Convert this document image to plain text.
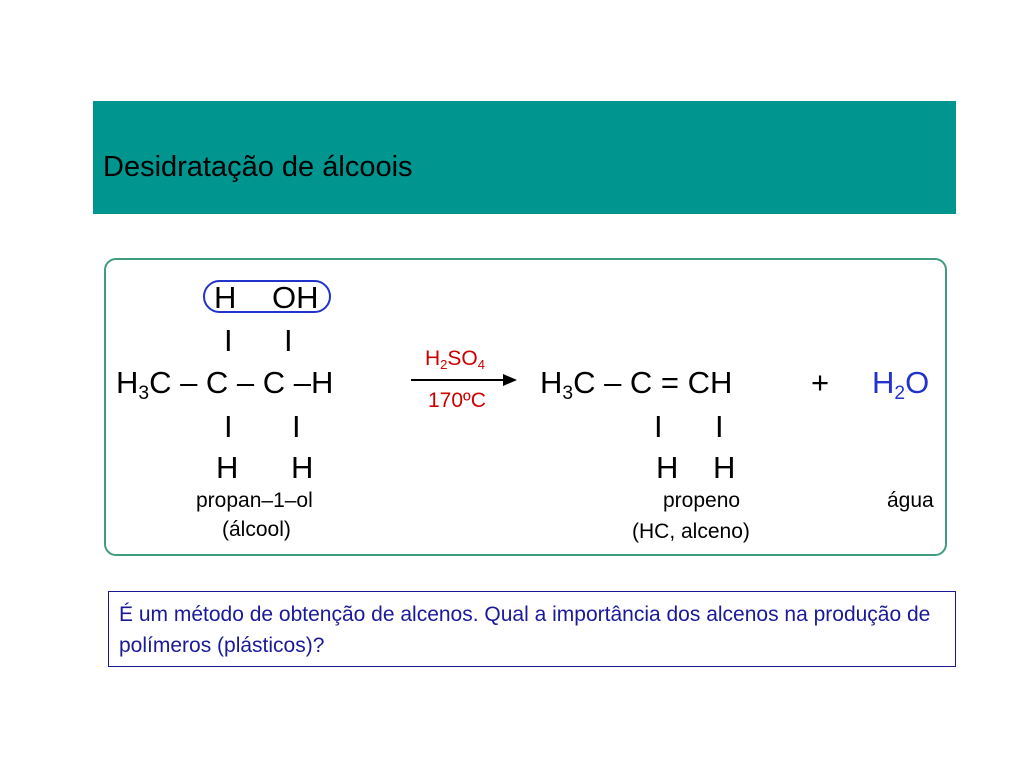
Desidratação de álcoois
H OH
I I
H3C – C – C –H
I I
H H
propan–1–ol
(álcool)
H2SO4
170ºC
H3C – C = CH
I I
H H
propeno
(HC, alceno)
+ H2O
água
É um método de obtenção de alcenos. Qual a importância dos alcenos na produção de polímeros (plásticos)?
